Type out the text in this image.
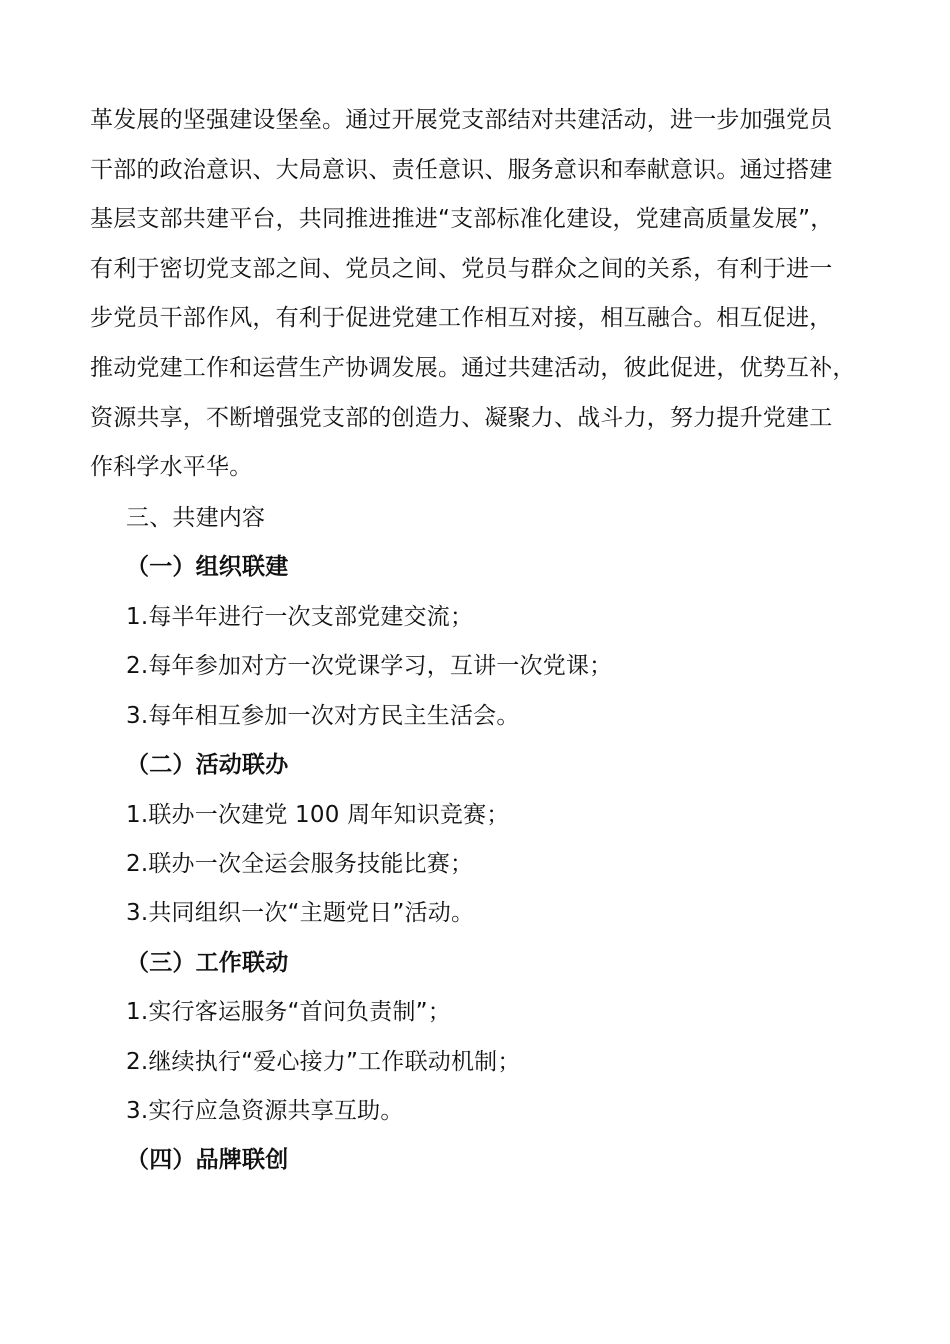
革发展的坚强建设堡垒。通过开展党支部结对共建活动，进一步加强党员
干部的政治意识、大局意识、责任意识、服务意识和奉献意识。通过搭建
基层支部共建平台，共同推进推进“支部标准化建设，党建高质量发展”，
有利于密切党支部之间、党员之间、党员与群众之间的关系，有利于进一
步党员干部作风，有利于促进党建工作相互对接，相互融合。相互促进，
推动党建工作和运营生产协调发展。通过共建活动，彼此促进，优势互补，
资源共享，不断增强党支部的创造力、凝聚力、战斗力，努力提升党建工
作科学水平华。
三、共建内容
（一）组织联建
1.每半年进行一次支部党建交流；
2.每年参加对方一次党课学习，互讲一次党课；
3.每年相互参加一次对方民主生活会。
（二）活动联办
1.联办一次建党 100 周年知识竞赛；
2.联办一次全运会服务技能比赛；
3.共同组织一次“主题党日”活动。
（三）工作联动
1.实行客运服务“首问负责制”；
2.继续执行“爱心接力”工作联动机制；
3.实行应急资源共享互助。
（四）品牌联创
